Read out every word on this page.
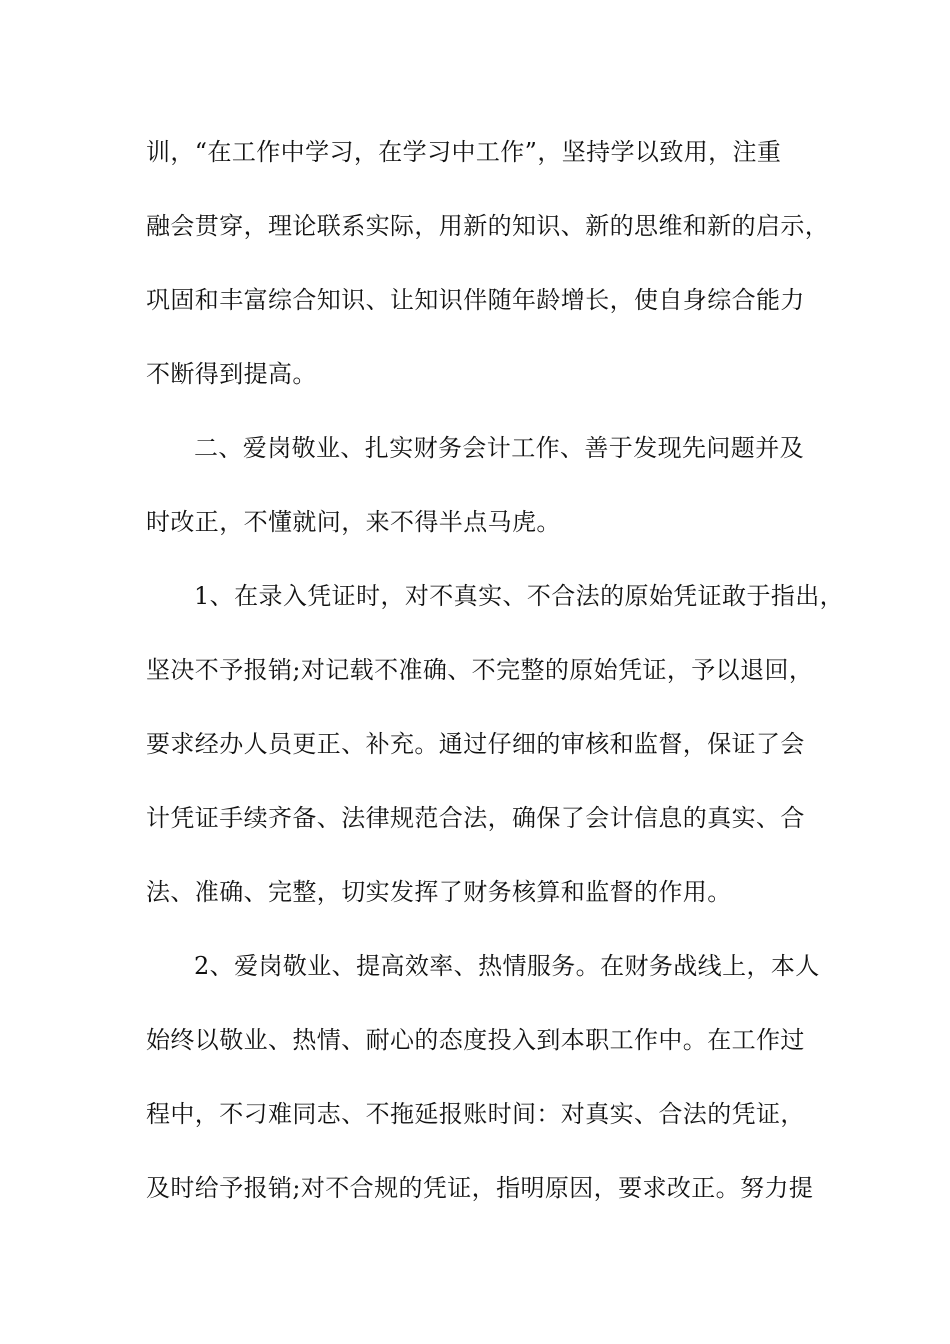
训，“在工作中学习，在学习中工作”，坚持学以致用，注重
融会贯穿，理论联系实际，用新的知识、新的思维和新的启示，
巩固和丰富综合知识、让知识伴随年龄增长，使自身综合能力
不断得到提高。
二、爱岗敬业、扎实财务会计工作、善于发现先问题并及
时改正，不懂就问，来不得半点马虎。
1、在录入凭证时，对不真实、不合法的原始凭证敢于指出，
坚决不予报销;对记载不准确、不完整的原始凭证，予以退回，
要求经办人员更正、补充。通过仔细的审核和监督，保证了会
计凭证手续齐备、法律规范合法，确保了会计信息的真实、合
法、准确、完整，切实发挥了财务核算和监督的作用。
2、爱岗敬业、提高效率、热情服务。在财务战线上，本人
始终以敬业、热情、耐心的态度投入到本职工作中。在工作过
程中，不刁难同志、不拖延报账时间：对真实、合法的凭证，
及时给予报销;对不合规的凭证，指明原因，要求改正。努力提
